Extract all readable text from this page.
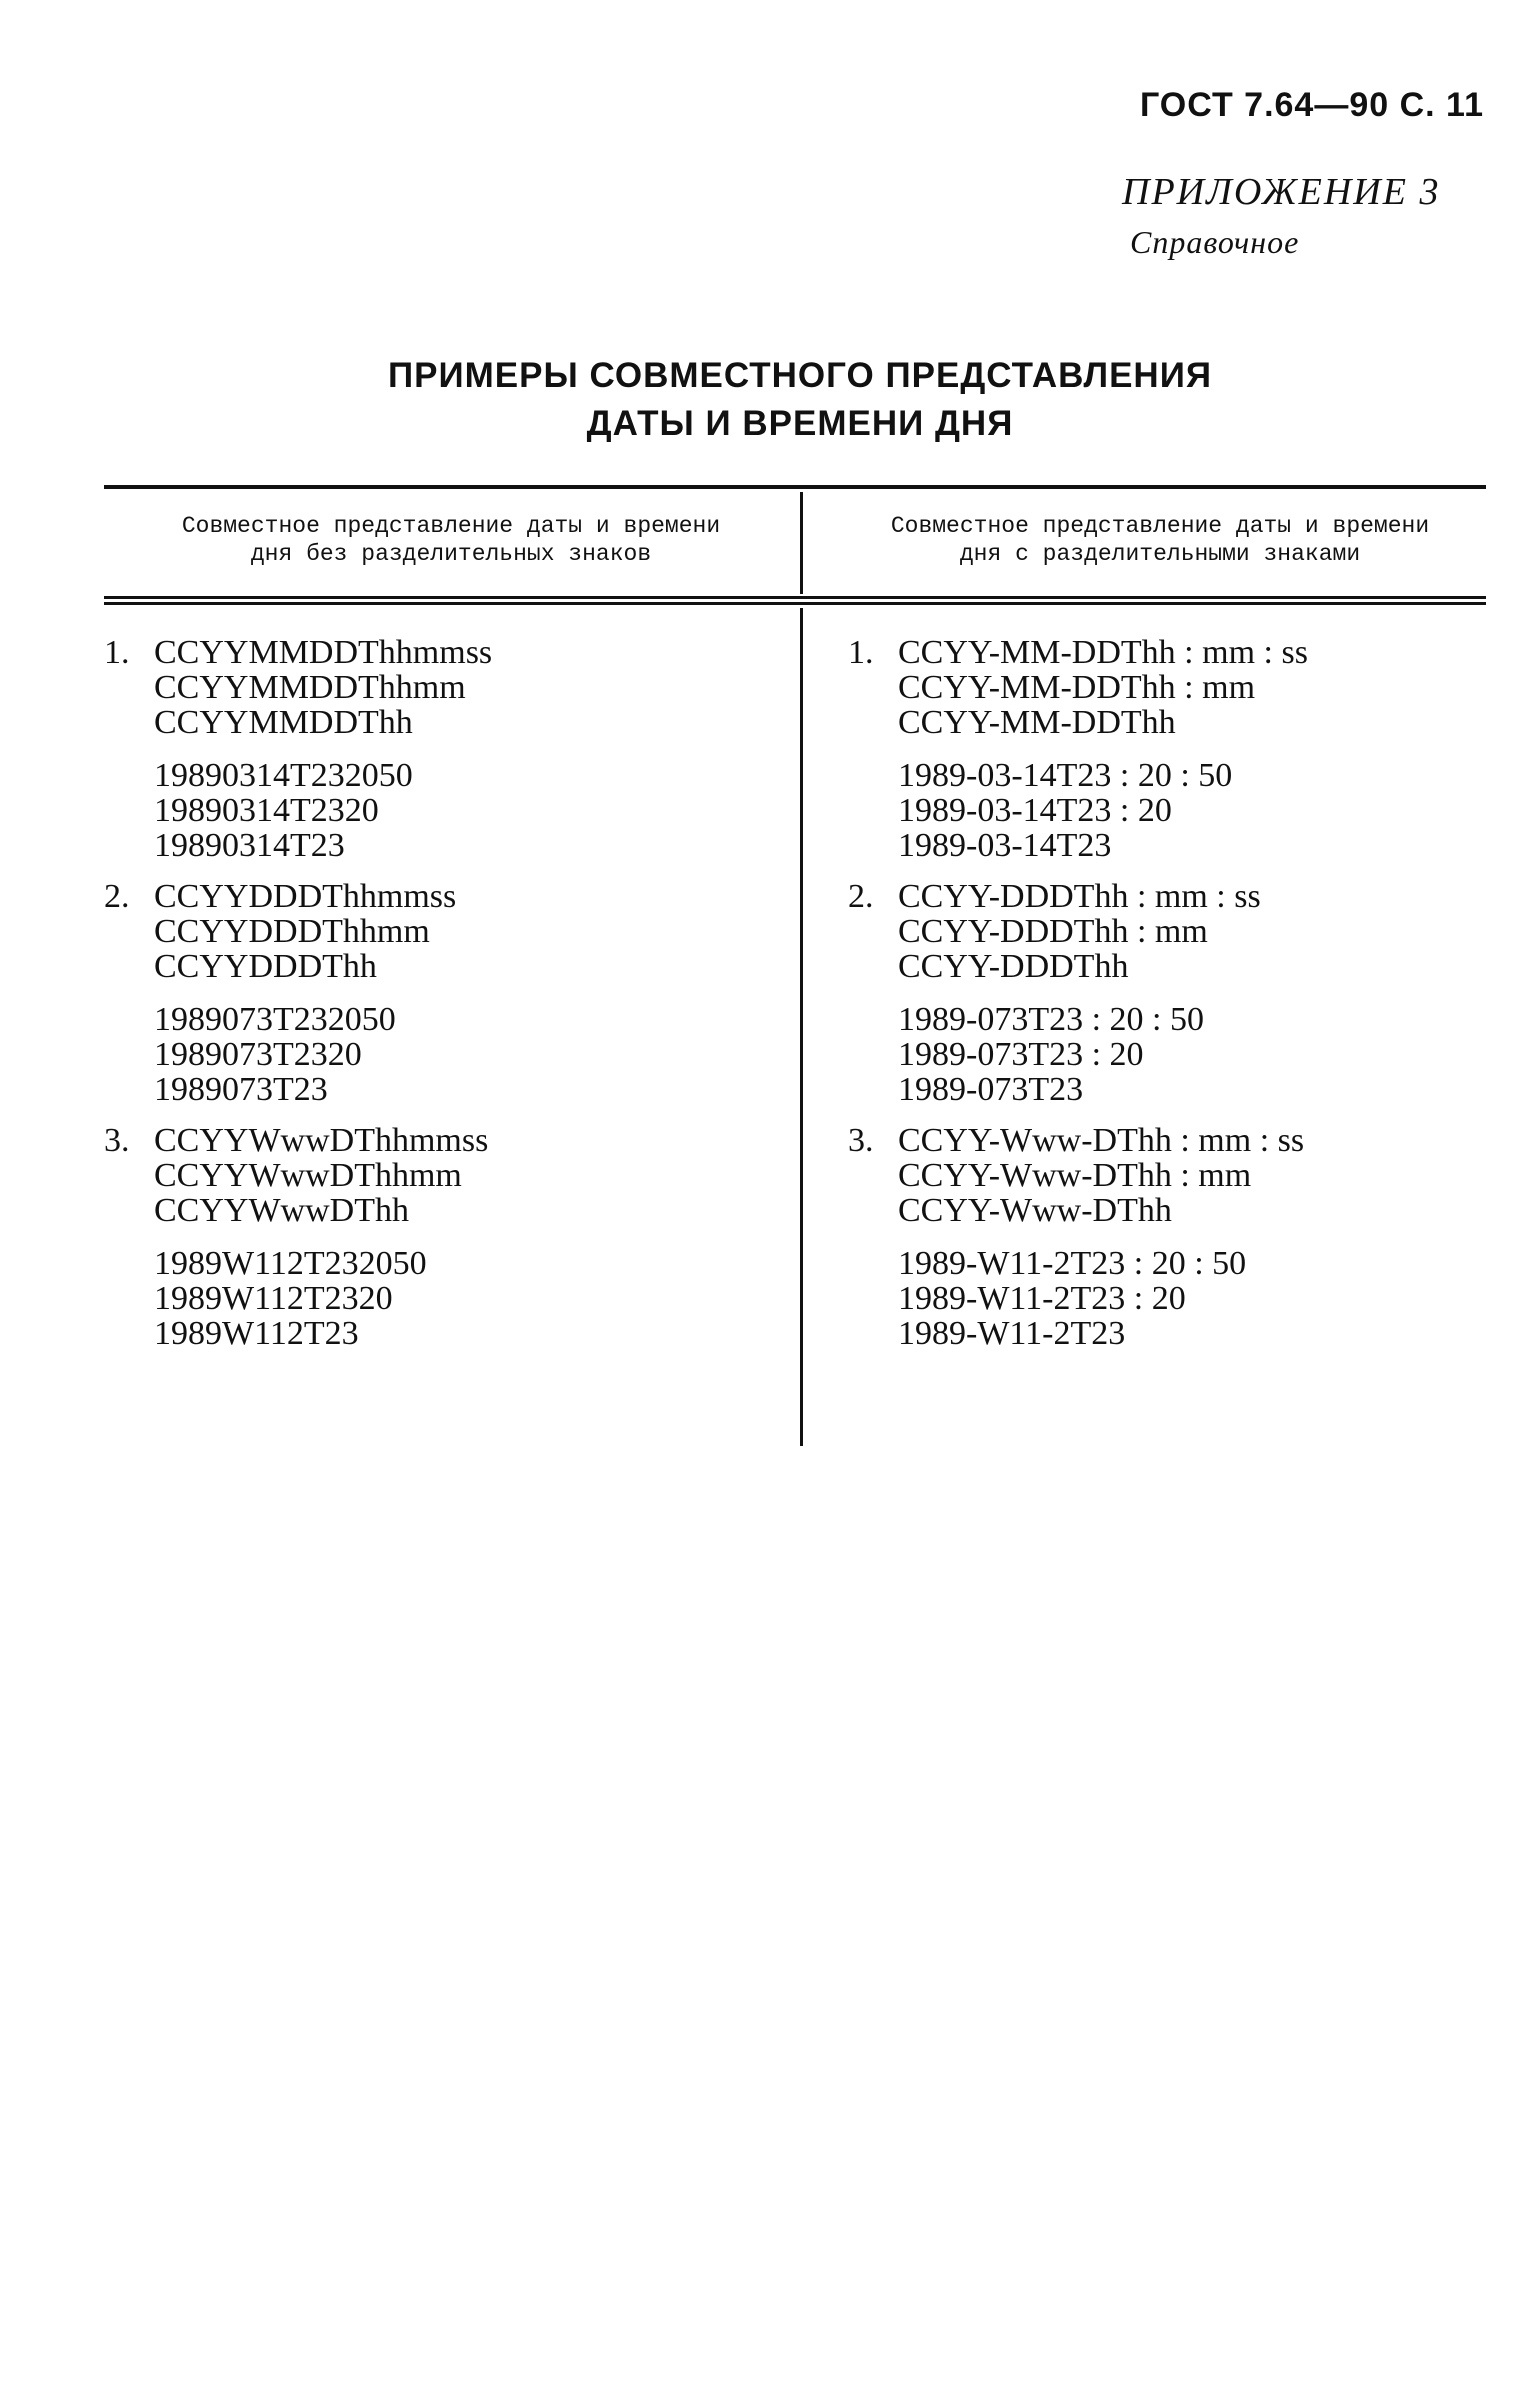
ГОСТ 7.64—90 С. 11
ПРИЛОЖЕНИЕ 3
Справочное
ПРИМЕРЫ СОВМЕСТНОГО ПРЕДСТАВЛЕНИЯ
ДАТЫ И ВРЕМЕНИ ДНЯ
Совместное представление даты и времени
дня без разделительных знаков
Совместное представление даты и времени
дня с разделительными знаками
1. CCYYMMDDThhmmss
CCYYMMDDThhmm
CCYYMMDDThh
19890314T232050
19890314T2320
19890314T23
2. CCYYDDDThhmmss
CCYYDDDThhmm
CCYYDDDThh
1989073T232050
1989073T2320
1989073T23
3. CCYYWwwDThhmmss
CCYYWwwDThhmm
CCYYWwwDThh
1989W112T232050
1989W112T2320
1989W112T23
1. CCYY-MM-DDThh : mm : ss
CCYY-MM-DDThh : mm
CCYY-MM-DDThh
1989-03-14T23 : 20 : 50
1989-03-14T23 : 20
1989-03-14T23
2. CCYY-DDDThh : mm : ss
CCYY-DDDThh : mm
CCYY-DDDThh
1989-073T23 : 20 : 50
1989-073T23 : 20
1989-073T23
3. CCYY-Www-DThh : mm : ss
CCYY-Www-DThh : mm
CCYY-Www-DThh
1989-W11-2T23 : 20 : 50
1989-W11-2T23 : 20
1989-W11-2T23
